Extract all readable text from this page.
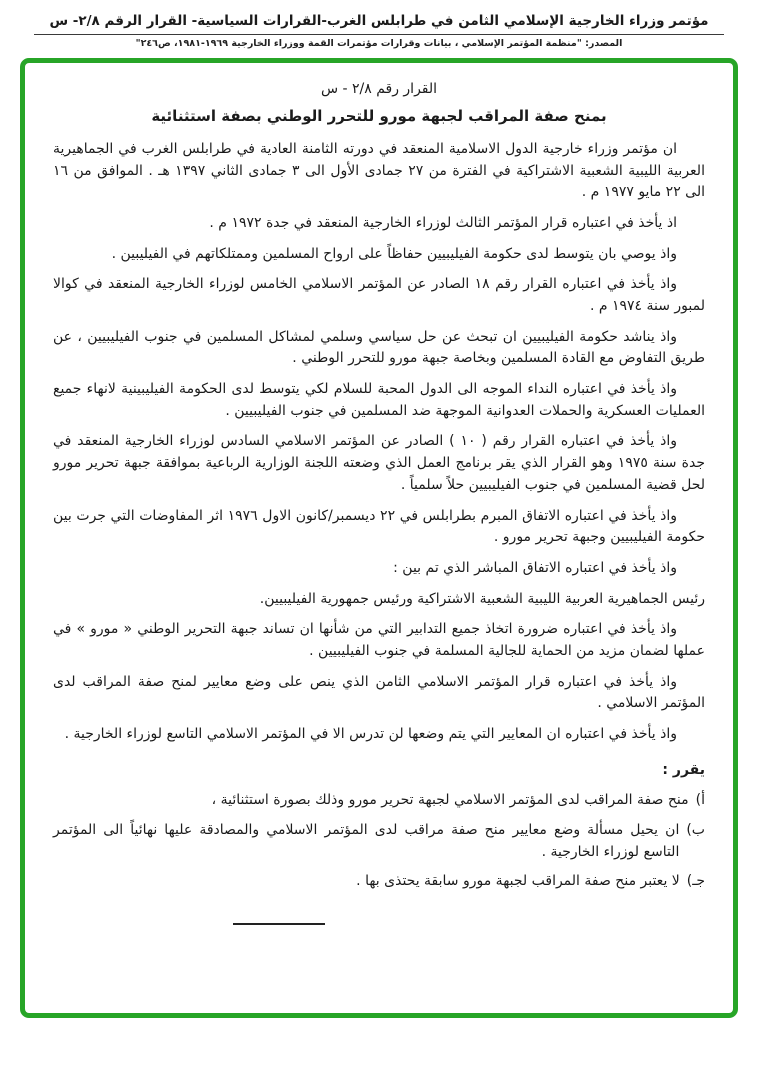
مؤتمر وزراء الخارجية الإسلامي الثامن في طرابلس الغرب-القرارات السياسية- القرار الرقم ٢/٨- س
المصدر: "منظمة المؤتمر الإسلامي ، بيانات وقرارات مؤتمرات القمة ووزراء الخارجية ١٩٦٩-١٩٨١، ص٢٤٦"
القرار رقم ٢/٨ - س
بمنح صفة المراقب لجبهة مورو للتحرر الوطني بصفة استثنائية

ان مؤتمر وزراء خارجية الدول الاسلامية المنعقد في دورته الثامنة العادية في طرابلس الغرب في الجماهيرية العربية الليبية الشعبية الاشتراكية في الفترة من ٢٧ جمادى الأول الى ٣ جمادى الثاني ١٣٩٧ هـ . الموافق من ١٦ الى ٢٢ مايو ١٩٧٧ م .

اذ يأخذ في اعتباره قرار المؤتمر الثالث لوزراء الخارجية المنعقد في جدة ١٩٧٢ م .

واذ يوصي بان يتوسط لدى حكومة الفيليبيين حفاظاً على ارواح المسلمين وممتلكاتهم في الفيليبين .

واذ يأخذ في اعتباره القرار رقم ١٨ الصادر عن المؤتمر الاسلامي الخامس لوزراء الخارجية المنعقد في كوالا لمبور سنة ١٩٧٤ م .

واذ يناشد حكومة الفيليبيين ان تبحث عن حل سياسي وسلمي لمشاكل المسلمين في جنوب الفيليبيين ، عن طريق التفاوض مع القادة المسلمين وبخاصة جبهة مورو للتحرر الوطني .

واذ يأخذ في اعتباره النداء الموجه الى الدول المحبة للسلام لكي يتوسط لدى الحكومة الفيليبينية لانهاء جميع العمليات العسكرية والحملات العدوانية الموجهة ضد المسلمين في جنوب الفيليبيين .

واذ يأخذ في اعتباره القرار رقم ( ١٠ ) الصادر عن المؤتمر الاسلامي السادس لوزراء الخارجية المنعقد في جدة سنة ١٩٧٥ وهو القرار الذي يقر برنامج العمل الذي وضعته اللجنة الوزارية الرباعية بموافقة جبهة تحرير مورو لحل قضية المسلمين في جنوب الفيليبيين حلاً سلمياً .

واذ يأخذ في اعتباره الاتفاق المبرم بطرابلس في ٢٢ ديسمبر/كانون الاول ١٩٧٦ اثر المفاوضات التي جرت بين حكومة الفيليبيين وجبهة تحرير مورو .

واذ يأخذ في اعتباره الاتفاق المباشر الذي تم بين :

رئيس الجماهيرية العربية الليبية الشعبية الاشتراكية ورئيس جمهورية الفيليبيين.

واذ يأخذ في اعتباره ضرورة اتخاذ جميع التدابير التي من شأنها ان تساند جبهة التحرير الوطني « مورو » في عملها لضمان مزيد من الحماية للجالية المسلمة في جنوب الفيليبيين .

واذ يأخذ في اعتباره قرار المؤتمر الاسلامي الثامن الذي ينص على وضع معايير لمنح صفة المراقب لدى المؤتمر الاسلامي .

واذ يأخذ في اعتباره ان المعايير التي يتم وضعها لن تدرس الا في المؤتمر الاسلامي التاسع لوزراء الخارجية .

يقرر :

أ)
منح صفة المراقب لدى المؤتمر الاسلامي لجبهة تحرير مورو وذلك بصورة استثنائية ،
ب)
ان يحيل مسألة وضع معايير منح صفة مراقب لدى المؤتمر الاسلامي والمصادقة عليها نهائياً الى المؤتمر التاسع لوزراء الخارجية .
جـ)
لا يعتبر منح صفة المراقب لجبهة مورو سابقة يحتذى بها .
